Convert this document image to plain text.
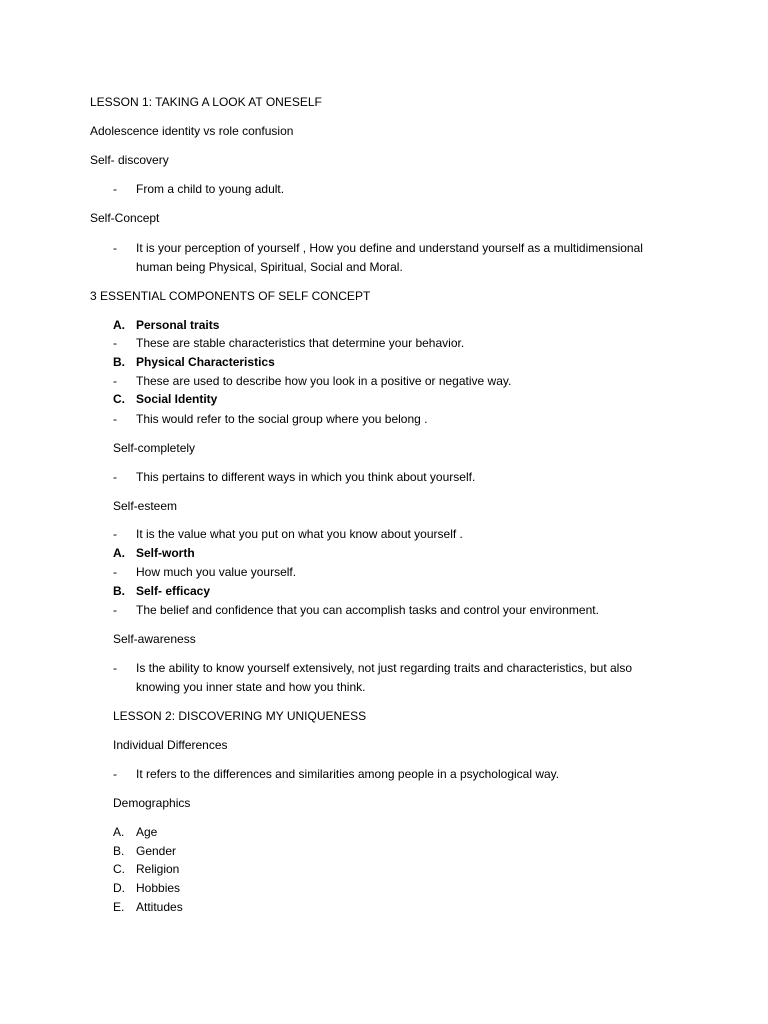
LESSON 1: TAKING A LOOK AT ONESELF
Adolescence identity vs role confusion
Self- discovery
-	From a child to young adult.
Self-Concept
-	It is your perception of yourself , How you define and understand yourself as a multidimensional
human being Physical, Spiritual, Social and Moral.
3 ESSENTIAL COMPONENTS OF SELF CONCEPT
A. Personal traits
-	These are stable characteristics that determine your behavior.
B. Physical Characteristics
-	These are used to describe how you look in a positive or negative way.
C. Social Identity
-	This would refer to the social group where you belong .
Self-completely
-	This pertains to different ways in which you think about yourself.
Self-esteem
-	It is the value what you put on what you know about yourself .
A. Self-worth
-	How much you value yourself.
B. Self- efficacy
-	The belief and confidence that you can accomplish tasks and control your environment.
Self-awareness
-	Is the ability to know yourself extensively, not just regarding traits and characteristics, but also
knowing you inner state and how you think.
LESSON 2: DISCOVERING MY UNIQUENESS
Individual Differences
-	It refers to the differences and similarities among people in a psychological way.
Demographics
A. Age
B. Gender
C. Religion
D. Hobbies
E. Attitudes
